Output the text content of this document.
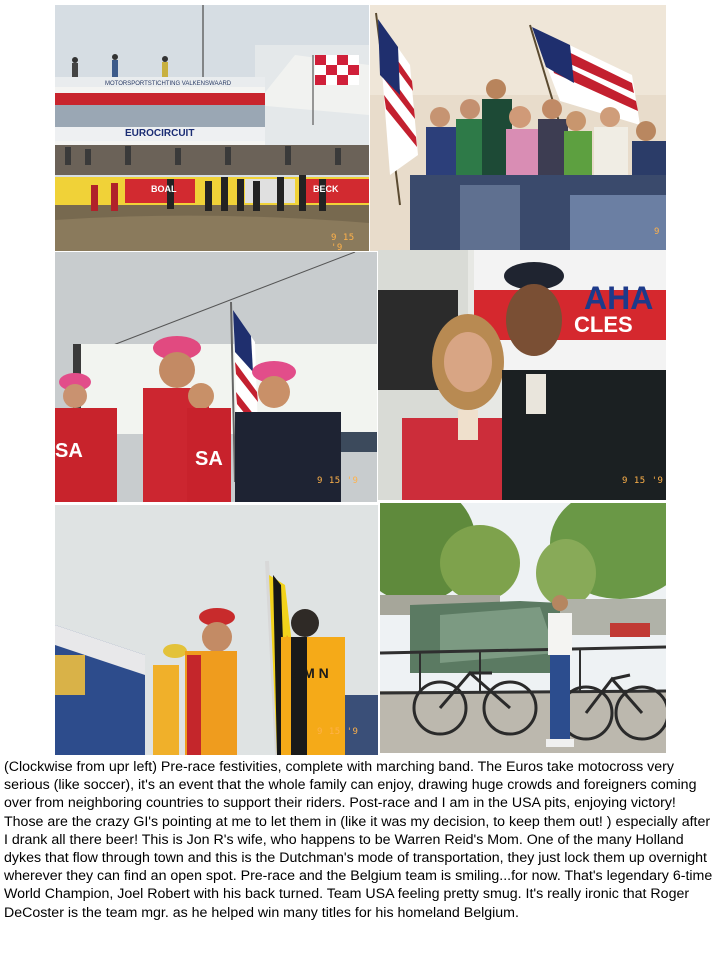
MOTORSPORTSTICHTING VALKENSWAARD
EUROCIRCUIT
BOAL	BECK
9 15 '9
9
SA	SA
9 15 '9
AHA
CLES
9 15 '9
AM N
9 15 '9

(Clockwise from upr left) Pre-race festivities, complete with marching band. The Euros take motocross very serious (like soccer), it's an event that the whole family can enjoy, drawing huge crowds and foreigners coming over from neighboring countries to support their riders. Post-race and I am in the USA pits, enjoying victory! Those are the crazy GI's pointing at me to let them in (like it was my decision, to keep them out! ) especially after I drank all there beer! This is Jon R's wife, who happens to be Warren Reid's Mom. One of the many Holland dykes that flow through town and this is the Dutchman's mode of transportation, they just lock them up overnight wherever they can find an open spot. Pre-race and the Belgium team is smiling...for now. That's legendary 6-time World Champion, Joel Robert with his back turned. Team USA feeling pretty smug. It's really ironic that Roger DeCoster is the team mgr. as he helped win many titles for his homeland Belgium.
